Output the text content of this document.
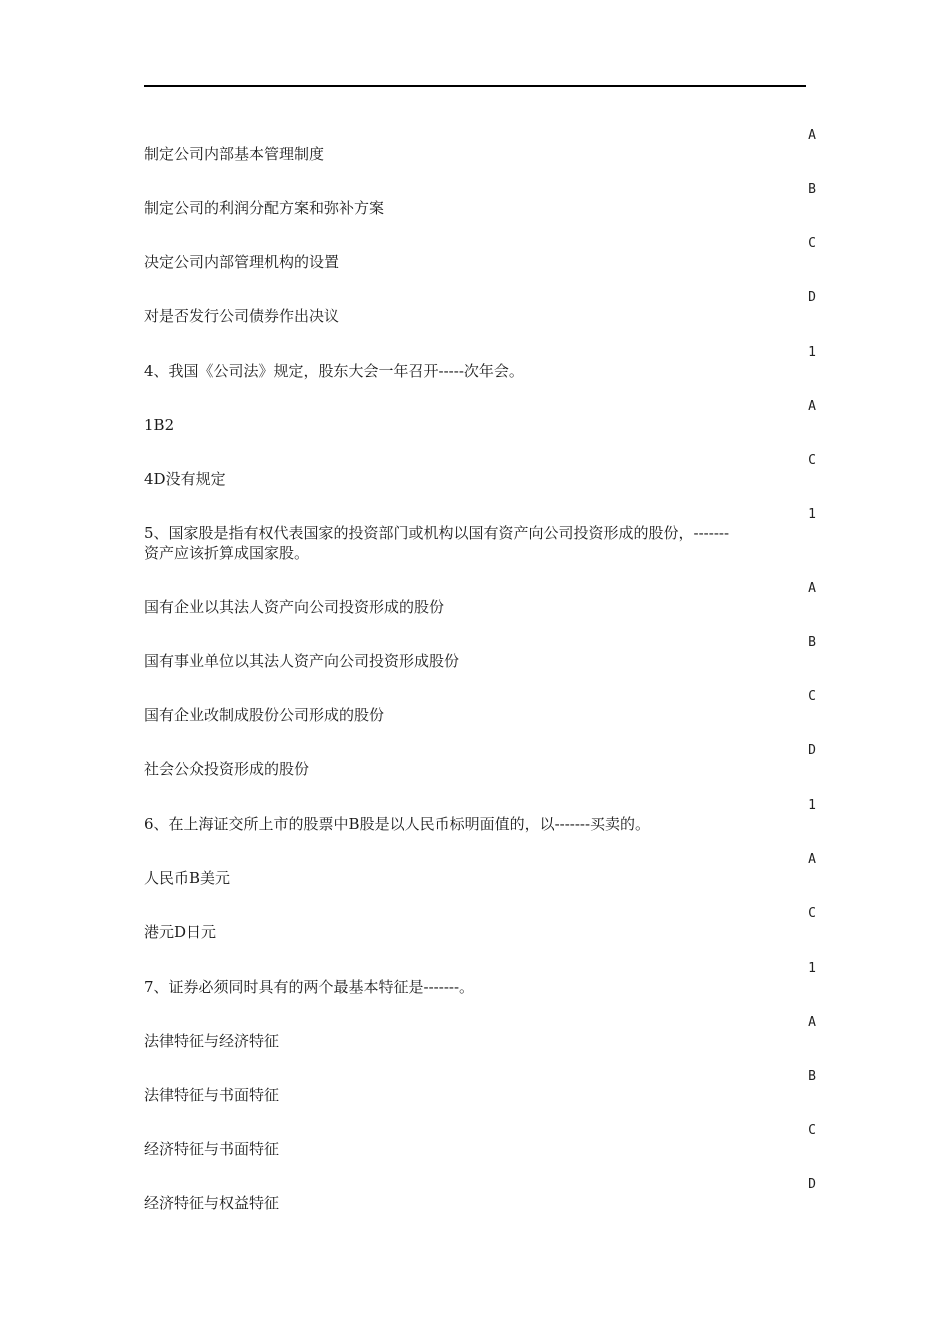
A
制定公司内部基本管理制度
B
制定公司的利润分配方案和弥补方案
C
决定公司内部管理机构的设置
D
对是否发行公司债券作出决议
1
4、我国《公司法》规定，股东大会一年召开-----次年会。
A
1B2
C
4D没有规定
1
5、国家股是指有权代表国家的投资部门或机构以国有资产向公司投资形成的股份，-------资产应该折算成国家股。
A
国有企业以其法人资产向公司投资形成的股份
B
国有事业单位以其法人资产向公司投资形成股份
C
国有企业改制成股份公司形成的股份
D
社会公众投资形成的股份
1
6、在上海证交所上市的股票中B股是以人民币标明面值的，以-------买卖的。
A
人民币B美元
C
港元D日元
1
7、证券必须同时具有的两个最基本特征是-------。
A
法律特征与经济特征
B
法律特征与书面特征
C
经济特征与书面特征
D
经济特征与权益特征
